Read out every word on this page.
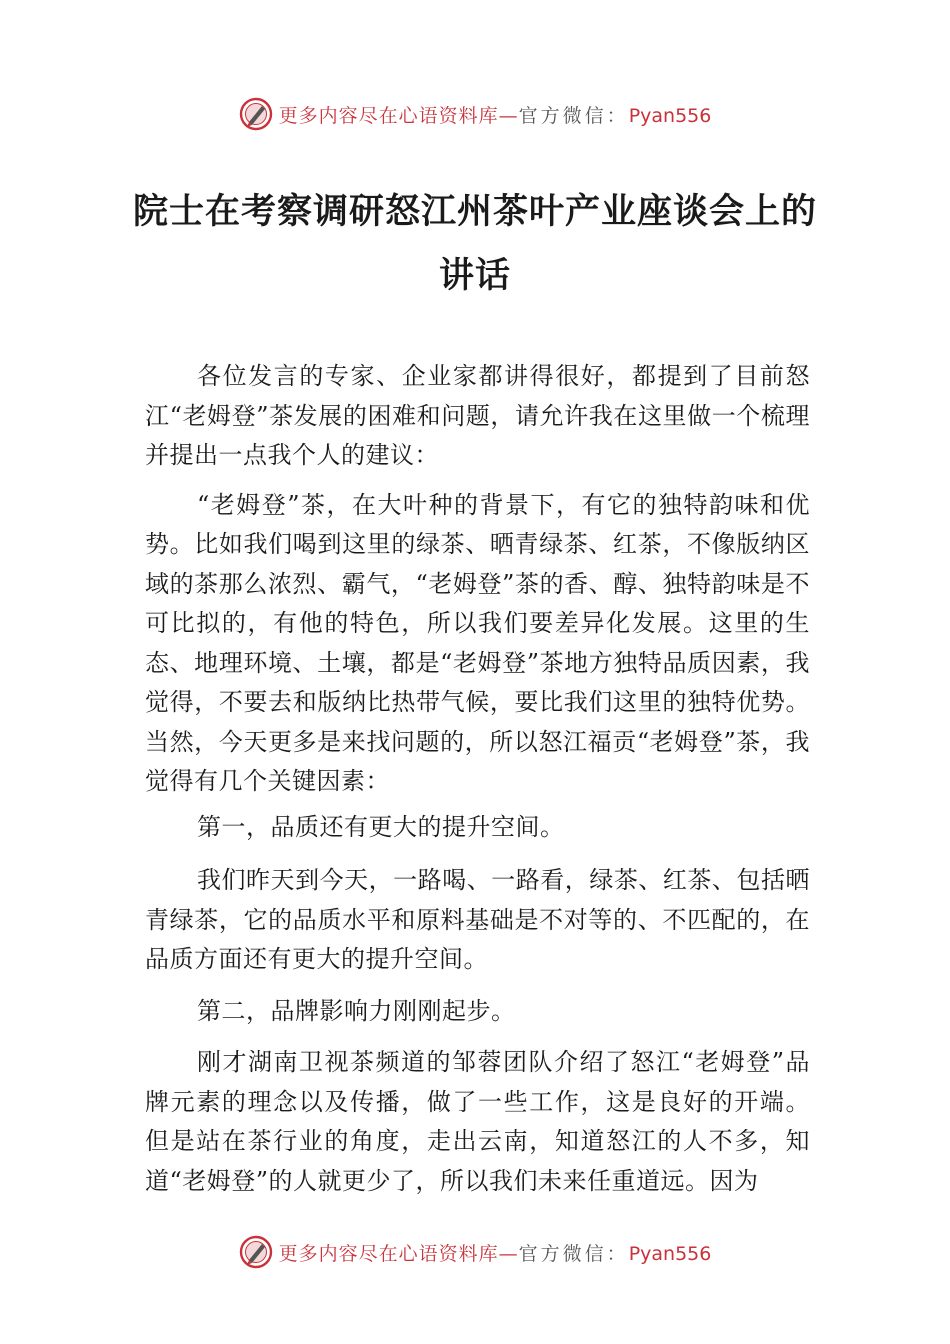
更多内容尽在心语资料库—官方微信：Pyan556
院士在考察调研怒江州茶叶产业座谈会上的讲话

各位发言的专家、企业家都讲得很好，都提到了目前怒江“老姆登”茶发展的困难和问题，请允许我在这里做一个梳理并提出一点我个人的建议：

“老姆登”茶，在大叶种的背景下，有它的独特韵味和优势。比如我们喝到这里的绿茶、晒青绿茶、红茶，不像版纳区域的茶那么浓烈、霸气，“老姆登”茶的香、醇、独特韵味是不可比拟的，有他的特色，所以我们要差异化发展。这里的生态、地理环境、土壤，都是“老姆登”茶地方独特品质因素，我觉得，不要去和版纳比热带气候，要比我们这里的独特优势。当然，今天更多是来找问题的，所以怒江福贡“老姆登”茶，我觉得有几个关键因素：

第一，品质还有更大的提升空间。

我们昨天到今天，一路喝、一路看，绿茶、红茶、包括晒青绿茶，它的品质水平和原料基础是不对等的、不匹配的，在品质方面还有更大的提升空间。

第二，品牌影响力刚刚起步。

刚才湖南卫视茶频道的邹蓉团队介绍了怒江“老姆登”品牌元素的理念以及传播，做了一些工作，这是良好的开端。 但是站在茶行业的角度，走出云南，知道怒江的人不多，知道“老姆登”的人就更少了，所以我们未来任重道远。因为

更多内容尽在心语资料库—官方微信：Pyan556
